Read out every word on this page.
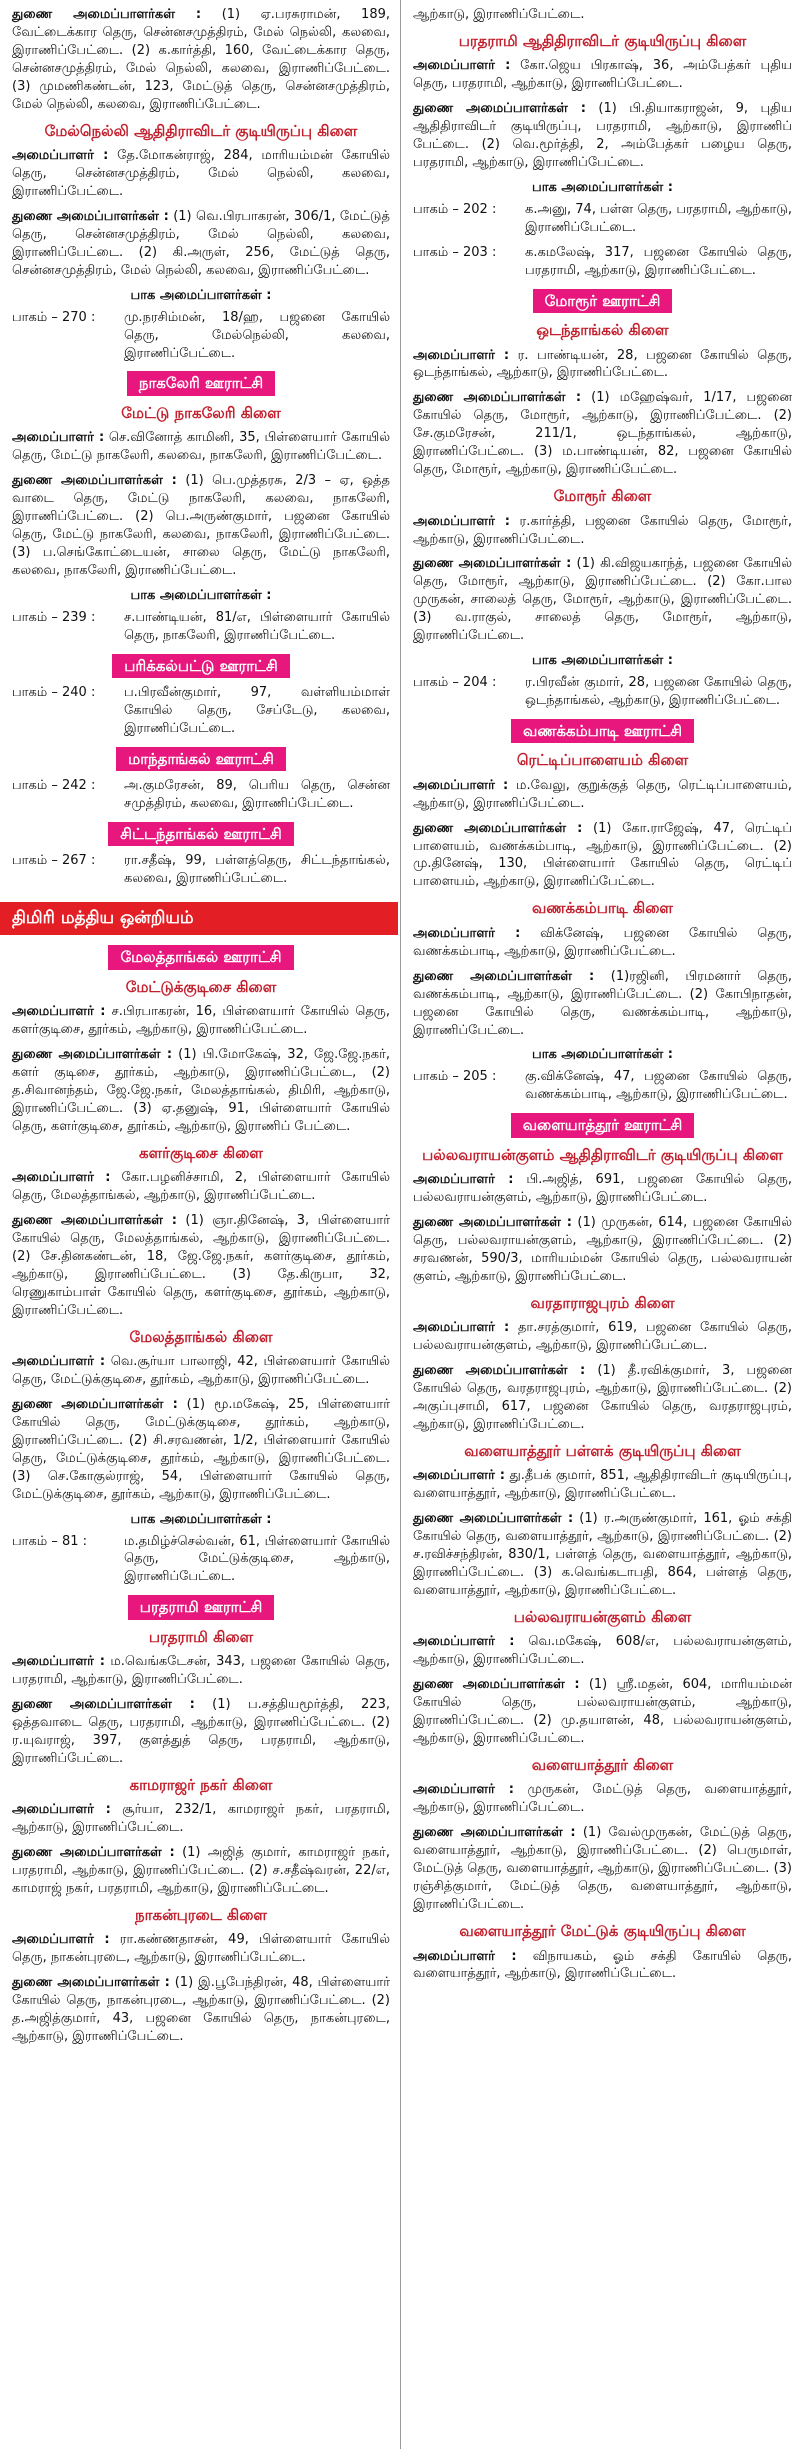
துணை அமைப்பாளர்கள் : (1) ஏ.பரசுராமன், 189, வேட்டைக்கார தெரு, சென்னசமுத்திரம், மேல் நெல்லி, கலவை, இராணிப்பேட்டை. (2) க.கார்த்தி, 160, வேட்டைக்கார தெரு, சென்னசமுத்திரம், மேல் நெல்லி, கலவை, இராணிப்பேட்டை. (3) முமணிகண்டன், 123, மேட்டுத் தெரு, சென்னசமுத்திரம், மேல் நெல்லி, கலவை, இராணிப்பேட்டை.

மேல்நெல்லி ஆதிதிராவிடர் குடியிருப்பு கிளை

அமைப்பாளர் : தே.மோகன்ராஜ், 284, மாரியம்மன் கோயில் தெரு, சென்னசமுத்திரம், மேல் நெல்லி, கலவை, இராணிப்பேட்டை.

துணை அமைப்பாளர்கள் : (1) வெ.பிரபாகரன், 306/1, மேட்டுத் தெரு, சென்னசமுத்திரம், மேல் நெல்லி, கலவை, இராணிப்பேட்டை. (2) கி.அருள், 256, மேட்டுத் தெரு, சென்னசமுத்திரம், மேல் நெல்லி, கலவை, இராணிப்பேட்டை.

பாக அமைப்பாளர்கள் :
பாகம் – 270 :	மு.நரசிம்மன், 18/ஹ, பஜனை கோயில் தெரு, மேல்நெல்லி, கலவை, இராணிப்பேட்டை.
நாகலேரி ஊராட்சி
மேட்டு நாகலேரி கிளை

அமைப்பாளர் : செ.வினோத் காமினி, 35, பிள்ளையார் கோயில் தெரு, மேட்டு நாகலேரி, கலவை, நாகலேரி, இராணிப்பேட்டை.

துணை அமைப்பாளர்கள் : (1) பெ.முத்தரசு, 2/3 – ஏ, ஒத்த வாடை தெரு, மேட்டு நாகலேரி, கலவை, நாகலேரி, இராணிப்பேட்டை. (2) பெ.அருண்குமார், பஜனை கோயில் தெரு, மேட்டு நாகலேரி, கலவை, நாகலேரி, இராணிப்பேட்டை. (3) ப.செங்கோட்டையன், சாலை தெரு, மேட்டு நாகலேரி, கலவை, நாகலேரி, இராணிப்பேட்டை.

பாக அமைப்பாளர்கள் :
பாகம் – 239 :	ச.பாண்டியன், 81/எ, பிள்ளையார் கோயில் தெரு, நாகலேரி, இராணிப்பேட்டை.
பரிக்கல்பட்டு ஊராட்சி
பாகம் – 240 :	ப.பிரவீன்குமார், 97, வள்ளியம்மாள் கோயில் தெரு, சேப்டேடு, கலவை, இராணிப்பேட்டை.
மாந்தாங்கல் ஊராட்சி
பாகம் – 242 :	அ.குமரேசன், 89, பெரிய தெரு, சென்ன சமுத்திரம், கலவை, இராணிப்பேட்டை.
சிட்டந்தாங்கல் ஊராட்சி
பாகம் – 267 :	ரா.சதீஷ், 99, பள்ளத்தெரு, சிட்டந்தாங்கல், கலவை, இராணிப்பேட்டை.
திமிரி மத்திய ஒன்றியம்
மேலத்தாங்கல் ஊராட்சி
மேட்டுக்குடிசை கிளை

அமைப்பாளர் : ச.பிரபாகரன், 16, பிள்ளையார் கோயில் தெரு, களர்குடிசை, தூர்கம், ஆற்காடு, இராணிப்பேட்டை.

துணை அமைப்பாளர்கள் : (1) பி.மோகேஷ், 32, ஜே.ஜே.நகர், களர் குடிசை, தூர்கம், ஆற்காடு, இராணிப்பேட்டை, (2) த.சிவானந்தம், ஜே.ஜே.நகர், மேலத்தாங்கல், திமிரி, ஆற்காடு, இராணிப்பேட்டை. (3) ஏ.தனுஷ், 91, பிள்ளையார் கோயில் தெரு, களர்குடிசை, தூர்கம், ஆற்காடு, இராணிப் பேட்டை.

களர்குடிசை கிளை

அமைப்பாளர் : கோ.பழனிச்சாமி, 2, பிள்ளையார் கோயில் தெரு, மேலத்தாங்கல், ஆற்காடு, இராணிப்பேட்டை.

துணை அமைப்பாளர்கள் : (1) ஞா.தினேஷ், 3, பிள்ளையார் கோயில் தெரு, மேலத்தாங்கல், ஆற்காடு, இராணிப்பேட்டை. (2) சே.தினகண்டன், 18, ஜே.ஜே.நகர், களர்குடிசை, தூர்கம், ஆற்காடு, இராணிப்பேட்டை. (3) தே.கிருபா, 32, ரெணுகாம்பாள் கோயில் தெரு, களர்குடிசை, தூர்கம், ஆற்காடு, இராணிப்பேட்டை.

மேலத்தாங்கல் கிளை

அமைப்பாளர் : வெ.சூர்யா பாலாஜி, 42, பிள்ளையார் கோயில் தெரு, மேட்டுக்குடிசை, தூர்கம், ஆற்காடு, இராணிப்பேட்டை.

துணை அமைப்பாளர்கள் : (1) மூ.மகேஷ், 25, பிள்ளையார் கோயில் தெரு, மேட்டுக்குடிசை, தூர்கம், ஆற்காடு, இராணிப்பேட்டை. (2) சி.சரவணன், 1/2, பிள்ளையார் கோயில் தெரு, மேட்டுக்குடிசை, தூர்கம், ஆற்காடு, இராணிப்பேட்டை. (3) செ.கோகுல்ராஜ், 54, பிள்ளையார் கோயில் தெரு, மேட்டுக்குடிசை, தூர்கம், ஆற்காடு, இராணிப்பேட்டை.

பாக அமைப்பாளர்கள் :
பாகம் – 81 :	ம.தமிழ்ச்செல்வன், 61, பிள்ளையார் கோயில் தெரு, மேட்டுக்குடிசை, ஆற்காடு, இராணிப்பேட்டை.
பரதராமி ஊராட்சி
பரதராமி கிளை

அமைப்பாளர் : ம.வெங்கடேசன், 343, பஜனை கோயில் தெரு, பரதராமி, ஆற்காடு, இராணிப்பேட்டை.

துணை அமைப்பாளர்கள் : (1) ப.சத்தியமூர்த்தி, 223, ஒத்தவாடை தெரு, பரதராமி, ஆற்காடு, இராணிப்பேட்டை. (2) ர.யுவராஜ், 397, குளத்துத் தெரு, பரதராமி, ஆற்காடு, இராணிப்பேட்டை.

காமராஜர் நகர் கிளை

அமைப்பாளர் : சூர்யா, 232/1, காமராஜர் நகர், பரதராமி, ஆற்காடு, இராணிப்பேட்டை.

துணை அமைப்பாளர்கள் : (1) அஜித் குமார், காமராஜர் நகர், பரதராமி, ஆற்காடு, இராணிப்பேட்டை. (2) ச.சதீஷ்வரன், 22/எ, காமராஜ் நகர், பரதராமி, ஆற்காடு, இராணிப்பேட்டை.

நாகன்புரடை கிளை

அமைப்பாளர் : ரா.கண்ணதாசன், 49, பிள்ளையார் கோயில் தெரு, நாகன்புரடை, ஆற்காடு, இராணிப்பேட்டை.

துணை அமைப்பாளர்கள் : (1) இ.பூபேந்திரன், 48, பிள்ளையார் கோயில் தெரு, நாகன்புரடை, ஆற்காடு, இராணிப்பேட்டை. (2) த.அஜித்குமார், 43, பஜனை கோயில் தெரு, நாகன்புரடை, ஆற்காடு, இராணிப்பேட்டை.

ஆற்காடு, இராணிப்பேட்டை.

பரதராமி ஆதிதிராவிடர் குடியிருப்பு கிளை

அமைப்பாளர் : கோ.ஜெய பிரகாஷ், 36, அம்பேத்கர் புதிய தெரு, பரதராமி, ஆற்காடு, இராணிப்பேட்டை.

துணை அமைப்பாளர்கள் : (1) பி.தியாகராஜன், 9, புதிய ஆதிதிராவிடர் குடியிருப்பு, பரதராமி, ஆற்காடு, இராணிப் பேட்டை. (2) வெ.மூர்த்தி, 2, அம்பேத்கர் பழைய தெரு, பரதராமி, ஆற்காடு, இராணிப்பேட்டை.

பாக அமைப்பாளர்கள் :
பாகம் – 202 :	க.அனு, 74, பள்ள தெரு, பரதராமி, ஆற்காடு, இராணிப்பேட்டை.
பாகம் – 203 :	க.கமலேஷ், 317, பஜனை கோயில் தெரு, பரதராமி, ஆற்காடு, இராணிப்பேட்டை.
மோரூர் ஊராட்சி
ஒடந்தாங்கல் கிளை

அமைப்பாளர் : ர. பாண்டியன், 28, பஜனை கோயில் தெரு, ஒடந்தாங்கல், ஆற்காடு, இராணிப்பேட்டை.

துணை அமைப்பாளர்கள் : (1) மஹேஷ்வர், 1/17, பஜனை கோயில் தெரு, மோரூர், ஆற்காடு, இராணிப்பேட்டை. (2) சே.குமரேசன், 211/1, ஒடந்தாங்கல், ஆற்காடு, இராணிப்பேட்டை. (3) ம.பாண்டியன், 82, பஜனை கோயில் தெரு, மோரூர், ஆற்காடு, இராணிப்பேட்டை.

மோரூர் கிளை

அமைப்பாளர் : ர.கார்த்தி, பஜனை கோயில் தெரு, மோரூர், ஆற்காடு, இராணிப்பேட்டை.

துணை அமைப்பாளர்கள் : (1) கி.விஜயகாந்த், பஜனை கோயில் தெரு, மோரூர், ஆற்காடு, இராணிப்பேட்டை. (2) கோ.பால முருகன், சாலைத் தெரு, மோரூர், ஆற்காடு, இராணிப்பேட்டை. (3) வ.ராகுல், சாலைத் தெரு, மோரூர், ஆற்காடு, இராணிப்பேட்டை.

பாக அமைப்பாளர்கள் :
பாகம் – 204 :	ர.பிரவீன் குமார், 28, பஜனை கோயில் தெரு, ஒடந்தாங்கல், ஆற்காடு, இராணிப்பேட்டை.
வணக்கம்பாடி ஊராட்சி
ரெட்டிப்பாளையம் கிளை

அமைப்பாளர் : ம.வேலு, குறுக்குத் தெரு, ரெட்டிப்பாளையம், ஆற்காடு, இராணிப்பேட்டை.

துணை அமைப்பாளர்கள் : (1) கோ.ராஜேஷ், 47, ரெட்டிப் பாளையம், வணக்கம்பாடி, ஆற்காடு, இராணிப்பேட்டை. (2) மு.தினேஷ், 130, பிள்ளையார் கோயில் தெரு, ரெட்டிப் பாளையம், ஆற்காடு, இராணிப்பேட்டை.

வணக்கம்பாடி கிளை

அமைப்பாளர் : விக்னேஷ், பஜனை கோயில் தெரு, வணக்கம்பாடி, ஆற்காடு, இராணிப்பேட்டை.

துணை அமைப்பாளர்கள் : (1)ரஜினி, பிரமனார் தெரு, வணக்கம்பாடி, ஆற்காடு, இராணிப்பேட்டை. (2) கோபிநாதன், பஜனை கோயில் தெரு, வணக்கம்பாடி, ஆற்காடு, இராணிப்பேட்டை.

பாக அமைப்பாளர்கள் :
பாகம் – 205 :	கு.விக்னேஷ், 47, பஜனை கோயில் தெரு, வணக்கம்பாடி, ஆற்காடு, இராணிப்பேட்டை.
வளையாத்தூர் ஊராட்சி
பல்லவராயன்குளம் ஆதிதிராவிடர் குடியிருப்பு கிளை

அமைப்பாளர் : பி.அஜித், 691, பஜனை கோயில் தெரு, பல்லவராயன்குளம், ஆற்காடு, இராணிப்பேட்டை.

துணை அமைப்பாளர்கள் : (1) முருகன், 614, பஜனை கோயில் தெரு, பல்லவராயன்குளம், ஆற்காடு, இராணிப்பேட்டை. (2) சரவணன், 590/3, மாரியம்மன் கோயில் தெரு, பல்லவராயன் குளம், ஆற்காடு, இராணிப்பேட்டை.

வரதாராஜபுரம் கிளை

அமைப்பாளர் : தா.சரத்குமார், 619, பஜனை கோயில் தெரு, பல்லவராயன்குளம், ஆற்காடு, இராணிப்பேட்டை.

துணை அமைப்பாளர்கள் : (1) தீ.ரவிக்குமார், 3, பஜனை கோயில் தெரு, வரதராஜபுரம், ஆற்காடு, இராணிப்பேட்டை. (2) அகுப்புசாமி, 617, பஜனை கோயில் தெரு, வரதராஜபுரம், ஆற்காடு, இராணிப்பேட்டை.

வளையாத்தூர் பள்ளக் குடியிருப்பு கிளை

அமைப்பாளர் : து.தீபக் குமார், 851, ஆதிதிராவிடர் குடியிருப்பு, வளையாத்தூர், ஆற்காடு, இராணிப்பேட்டை.

துணை அமைப்பாளர்கள் : (1) ர.அருண்குமார், 161, ஓம் சக்தி கோயில் தெரு, வளையாத்தூர், ஆற்காடு, இராணிப்பேட்டை. (2) ச.ரவிச்சந்திரன், 830/1, பள்ளத் தெரு, வளையாத்தூர், ஆற்காடு, இராணிப்பேட்டை. (3) க.வெங்கடாபதி, 864, பள்ளத் தெரு, வளையாத்தூர், ஆற்காடு, இராணிப்பேட்டை.

பல்லவராயன்குளம் கிளை

அமைப்பாளர் : வெ.மகேஷ், 608/எ, பல்லவராயன்குளம், ஆற்காடு, இராணிப்பேட்டை.

துணை அமைப்பாளர்கள் : (1) ஸ்ரீ.மதன், 604, மாரியம்மன் கோயில் தெரு, பல்லவராயன்குளம், ஆற்காடு, இராணிப்பேட்டை. (2) மு.தயாளன், 48, பல்லவராயன்குளம், ஆற்காடு, இராணிப்பேட்டை.

வளையாத்தூர் கிளை

அமைப்பாளர் : முருகன், மேட்டுத் தெரு, வளையாத்தூர், ஆற்காடு, இராணிப்பேட்டை.

துணை அமைப்பாளர்கள் : (1) வேல்முருகன், மேட்டுத் தெரு, வளையாத்தூர், ஆற்காடு, இராணிப்பேட்டை. (2) பெருமாள், மேட்டுத் தெரு, வளையாத்தூர், ஆற்காடு, இராணிப்பேட்டை. (3) ரஞ்சித்குமார், மேட்டுத் தெரு, வளையாத்தூர், ஆற்காடு, இராணிப்பேட்டை.

வளையாத்தூர் மேட்டுக் குடியிருப்பு கிளை

அமைப்பாளர் : விநாயகம், ஓம் சக்தி கோயில் தெரு, வளையாத்தூர், ஆற்காடு, இராணிப்பேட்டை.
